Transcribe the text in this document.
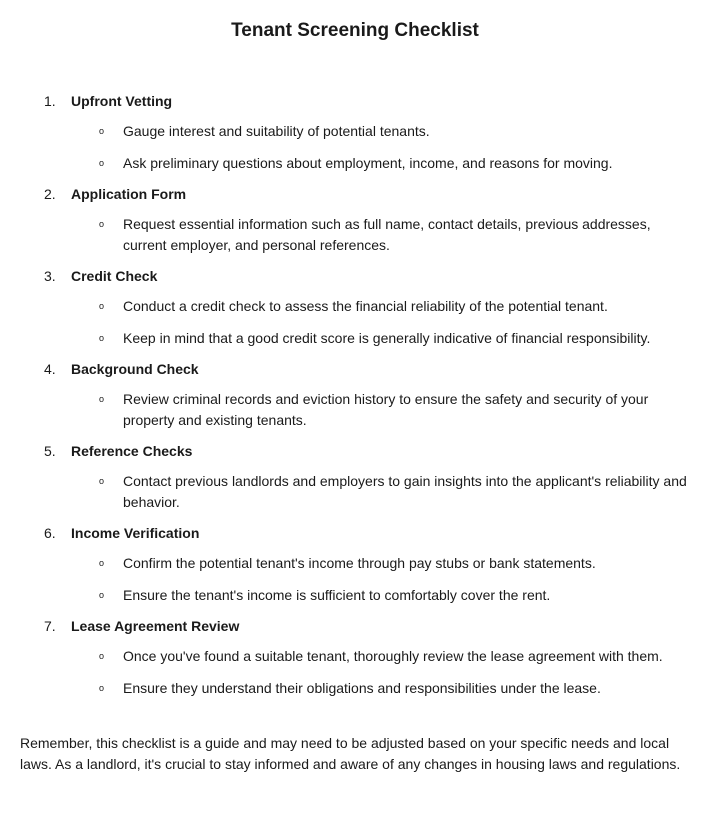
Tenant Screening Checklist
1. Upfront Vetting
o Gauge interest and suitability of potential tenants.
o Ask preliminary questions about employment, income, and reasons for moving.
2. Application Form
o Request essential information such as full name, contact details, previous addresses, current employer, and personal references.
3. Credit Check
o Conduct a credit check to assess the financial reliability of the potential tenant.
o Keep in mind that a good credit score is generally indicative of financial responsibility.
4. Background Check
o Review criminal records and eviction history to ensure the safety and security of your property and existing tenants.
5. Reference Checks
o Contact previous landlords and employers to gain insights into the applicant's reliability and behavior.
6. Income Verification
o Confirm the potential tenant's income through pay stubs or bank statements.
o Ensure the tenant's income is sufficient to comfortably cover the rent.
7. Lease Agreement Review
o Once you've found a suitable tenant, thoroughly review the lease agreement with them.
o Ensure they understand their obligations and responsibilities under the lease.

Remember, this checklist is a guide and may need to be adjusted based on your specific needs and local laws. As a landlord, it's crucial to stay informed and aware of any changes in housing laws and regulations.
